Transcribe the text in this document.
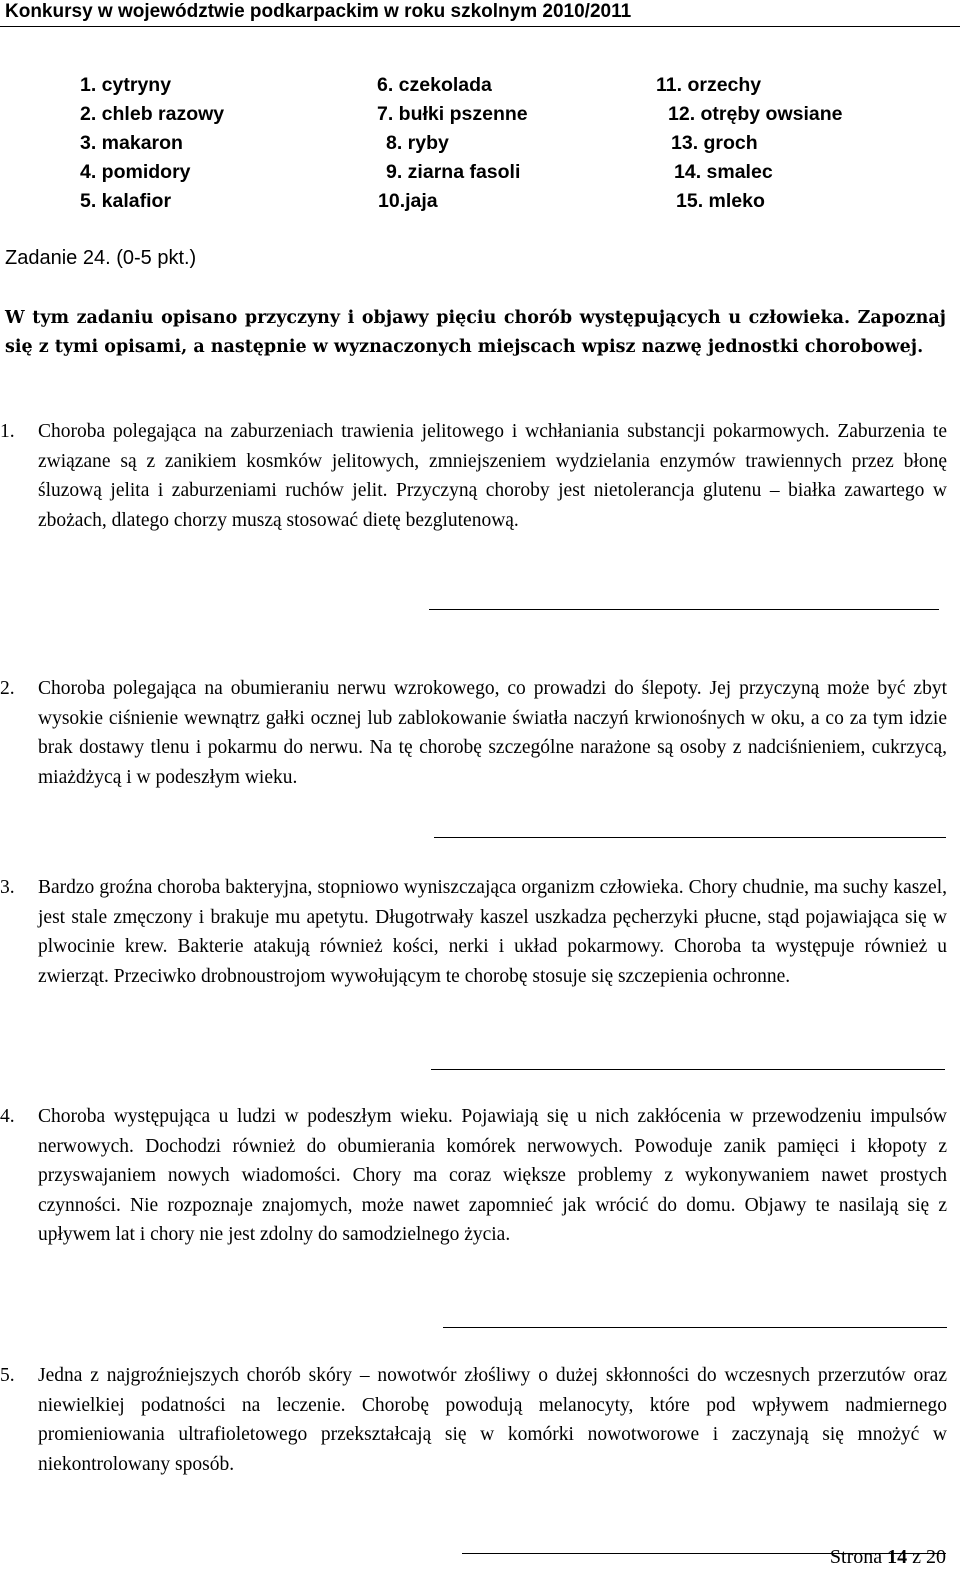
Konkursy w województwie podkarpackim w roku szkolnym 2010/2011
1. cytryny
2. chleb razowy
3. makaron
4. pomidory
5. kalafior
6. czekolada
7. bułki pszenne
8. ryby
9. ziarna fasoli
10.jaja
11. orzechy
12. otręby owsiane
13. groch
14. smalec
15. mleko
Zadanie 24. (0-5 pkt.)
W tym zadaniu opisano przyczyny i objawy pięciu chorób występujących u człowieka. Zapoznaj się z tymi opisami, a następnie w wyznaczonych miejscach wpisz nazwę jednostki chorobowej.
1. Choroba polegająca na zaburzeniach trawienia jelitowego i wchłaniania substancji pokarmowych. Zaburzenia te związane są z zanikiem kosmków jelitowych, zmniejszeniem wydzielania enzymów trawiennych przez błonę śluzową jelita i zaburzeniami ruchów jelit. Przyczyną choroby jest nietolerancja glutenu – białka zawartego w zbożach, dlatego chorzy muszą stosować dietę bezglutenową.
2. Choroba polegająca na obumieraniu nerwu wzrokowego, co prowadzi do ślepoty. Jej przyczyną może być zbyt wysokie ciśnienie wewnątrz gałki ocznej lub zablokowanie światła naczyń krwionośnych w oku, a co za tym idzie brak dostawy tlenu i pokarmu do nerwu. Na tę chorobę szczególne narażone są osoby z nadciśnieniem, cukrzycą, miażdżycą i w podeszłym wieku.
3. Bardzo groźna choroba bakteryjna, stopniowo wyniszczająca organizm człowieka. Chory chudnie, ma suchy kaszel, jest stale zmęczony i brakuje mu apetytu. Długotrwały kaszel uszkadza pęcherzyki płucne, stąd pojawiająca się w plwocinie krew. Bakterie atakują również kości, nerki i układ pokarmowy. Choroba ta występuje również u zwierząt. Przeciwko drobnoustrojom wywołującym te chorobę stosuje się szczepienia ochronne.
4. Choroba występująca u ludzi w podeszłym wieku. Pojawiają się u nich zakłócenia w przewodzeniu impulsów nerwowych. Dochodzi również do obumierania komórek nerwowych. Powoduje zanik pamięci i kłopoty z przyswajaniem nowych wiadomości. Chory ma coraz większe problemy z wykonywaniem nawet prostych czynności. Nie rozpoznaje znajomych, może nawet zapomnieć jak wrócić do domu. Objawy te nasilają się z upływem lat i chory nie jest zdolny do samodzielnego życia.
5. Jedna z najgroźniejszych chorób skóry – nowotwór złośliwy o dużej skłonności do wczesnych przerzutów oraz niewielkiej podatności na leczenie. Chorobę powodują melanocyty, które pod wpływem nadmiernego promieniowania ultrafioletowego przekształcają się w komórki nowotworowe i zaczynają się mnożyć w niekontrolowany sposób.
Strona 14 z 20
